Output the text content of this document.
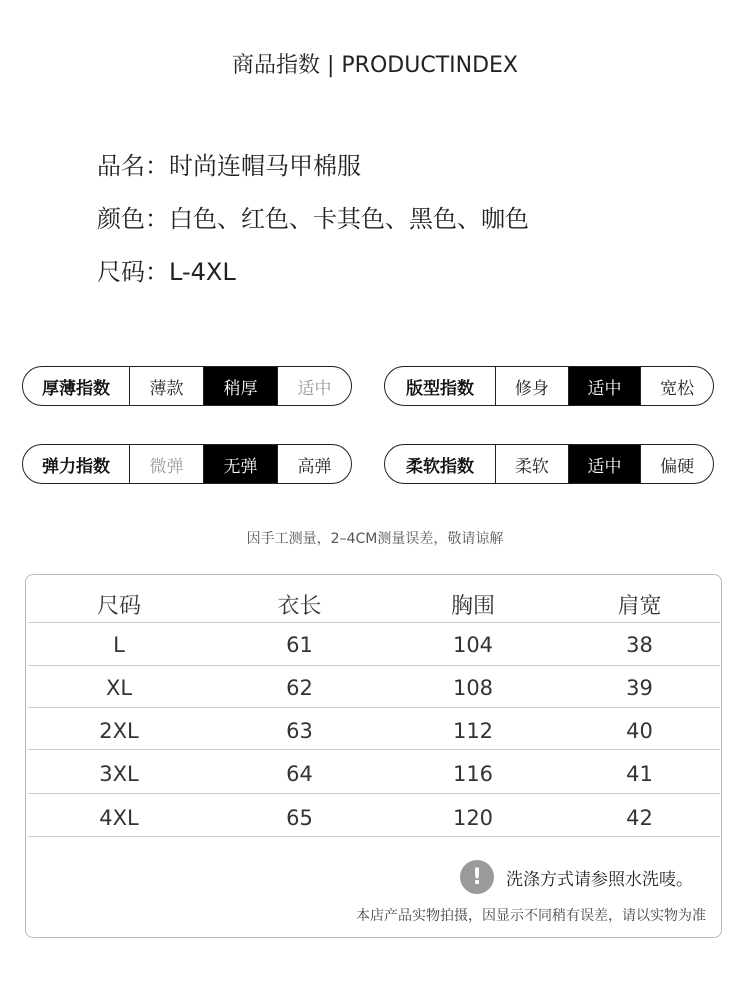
商品指数 | PRODUCTINDEX
品名：时尚连帽马甲棉服
颜色：白色、红色、卡其色、黑色、咖色
尺码：L-4XL
厚薄指数	薄款	稍厚	适中	版型指数	修身	适中	宽松
弹力指数	微弹	无弹	高弹	柔软指数	柔软	适中	偏硬
因手工测量，2–4CM测量误差，敬请谅解
尺码	衣长	胸围	肩宽
L	61	104	38
XL	62	108	39
2XL	63	112	40
3XL	64	116	41
4XL	65	120	42
!	洗涤方式请参照水洗唛。
本店产品实物拍摄，因显示不同稍有误差，请以实物为准
